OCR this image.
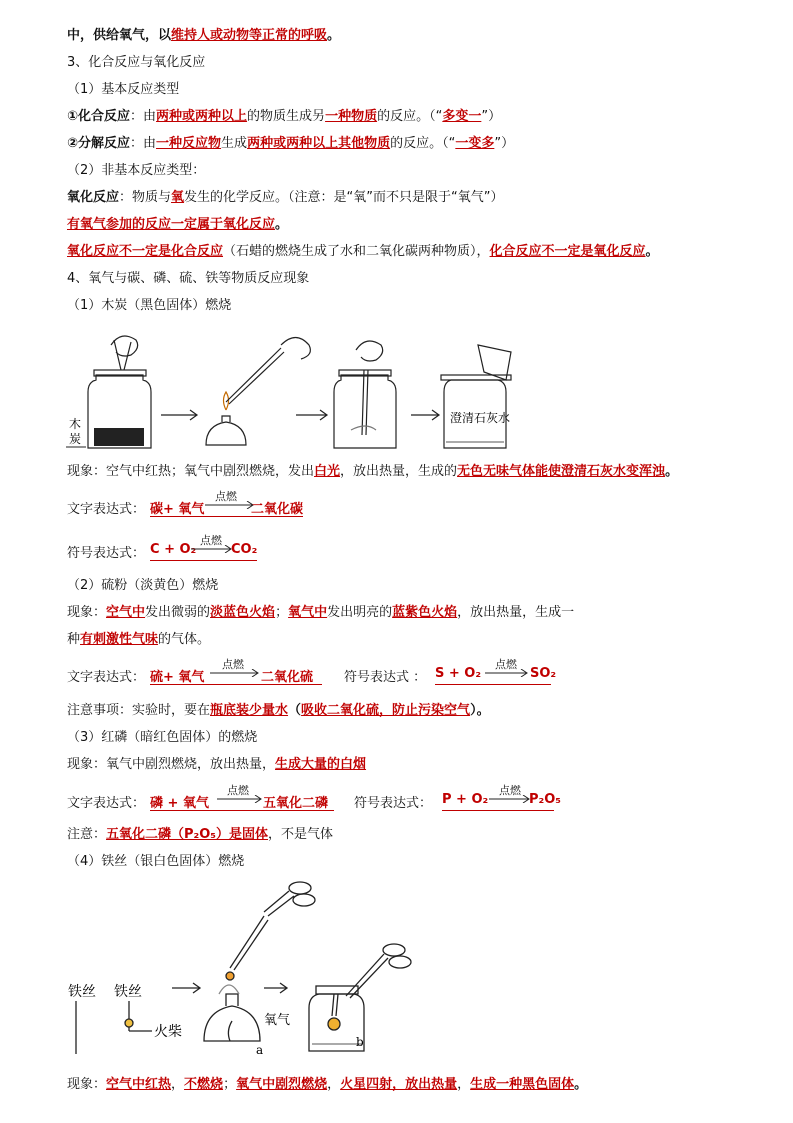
中，供给氧气，以维持人或动物等正常的呼吸。
3、化合反应与氧化反应
（1）基本反应类型
①化合反应：由两种或两种以上的物质生成另一种物质的反应。（“多变一”）
②分解反应：由一种反应物生成两种或两种以上其他物质的反应。（“一变多”）
（2）非基本反应类型：
氧化反应：物质与氧发生的化学反应。（注意：是“氧”而不只是限于“氧气”）
有氧气参加的反应一定属于氧化反应。
氧化反应不一定是化合反应（石蜡的燃烧生成了水和二氧化碳两种物质），化合反应不一定是氧化反应。
4、氧气与碳、磷、硫、铁等物质反应现象
（1）木炭（黑色固体）燃烧
木
炭
澄清石灰水
现象：空气中红热；氧气中剧烈燃烧，发出白光，放出热量，生成的无色无味气体能使澄清石灰水变浑浊。
文字表达式： 碳+ 氧气
点燃
二氧化碳
符号表达式： C + O₂
点燃
CO₂
（2）硫粉（淡黄色）燃烧
现象：空气中发出微弱的淡蓝色火焰；氧气中发出明亮的蓝紫色火焰，放出热量，生成一
种有刺激性气味的气体。
文字表达式： 硫+ 氧气
点燃
→ 二氧化硫 符号表达式 ： S + O₂
点燃
→ SO₂
注意事项：实验时，要在瓶底装少量水（吸收二氧化硫，防止污染空气）。
（3）红磷（暗红色固体）的燃烧
现象：氧气中剧烈燃烧，放出热量，生成大量的白烟
文字表达式： 磷 + 氧气
点燃
→ 五氧化二磷 符号表达式： P + O₂
点燃
P₂O₅
注意：五氧化二磷（P₂O₅）是固体，不是气体
（4）铁丝（银白色固体）燃烧
铁丝 铁丝
火柴
氧气
a
b
现象：空气中红热，不燃烧；氧气中剧烈燃烧，火星四射，放出热量，生成一种黑色固体。
